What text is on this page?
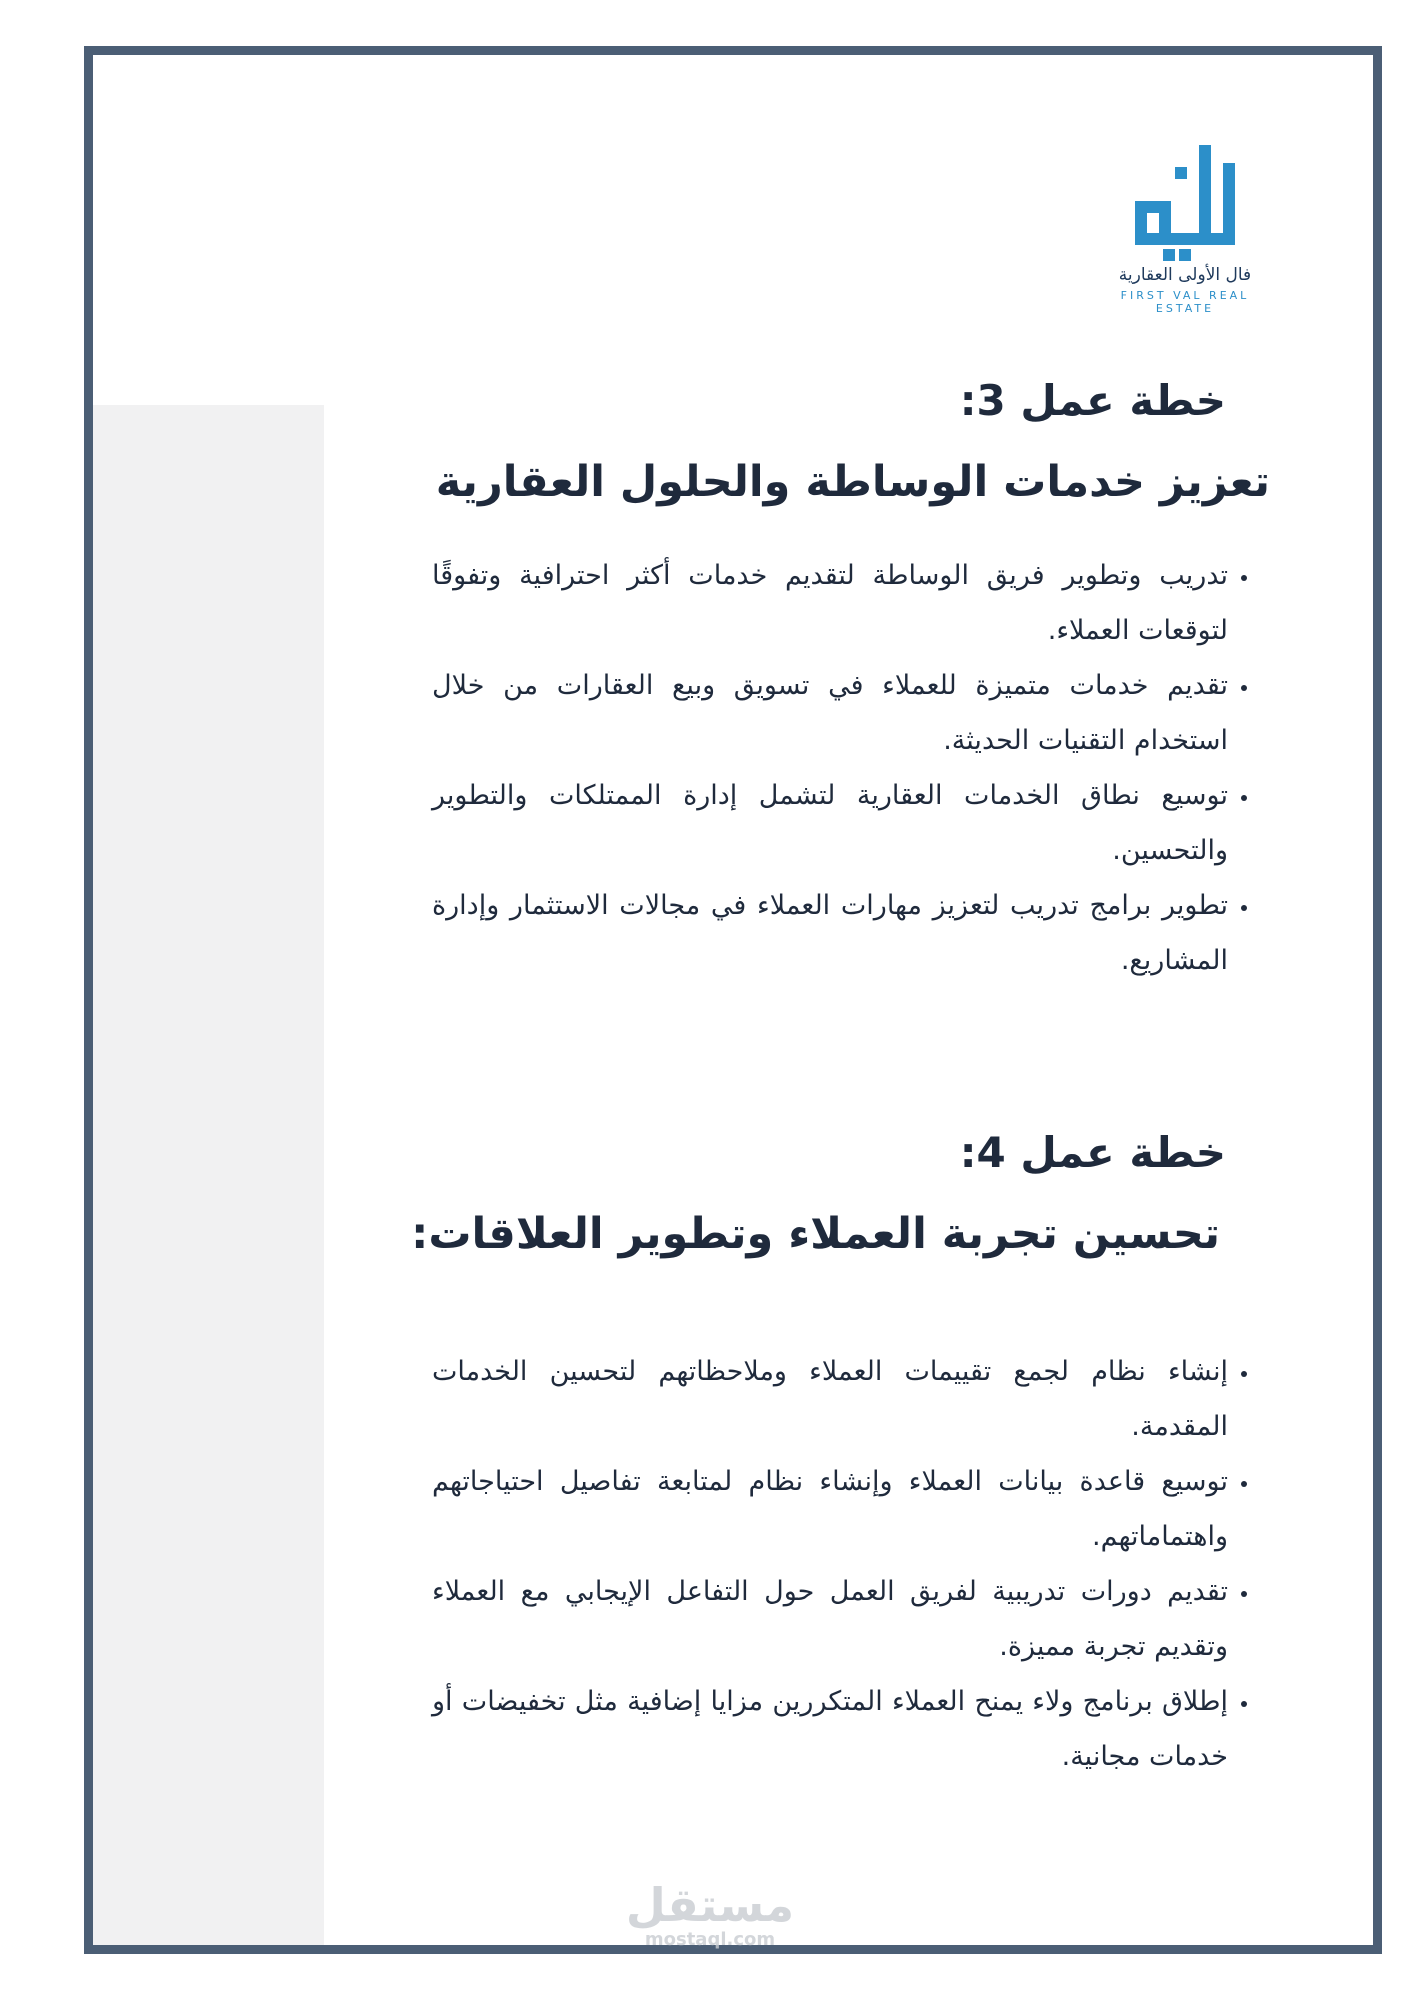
فال الأولى العقارية
FIRST VAL REAL ESTATE
خطة عمل 3:
تعزيز خدمات الوساطة والحلول العقارية
• تدريب وتطوير فريق الوساطة لتقديم خدمات أكثر احترافية وتفوقًا لتوقعات العملاء.
• تقديم خدمات متميزة للعملاء في تسويق وبيع العقارات من خلال استخدام التقنيات الحديثة.
• توسيع نطاق الخدمات العقارية لتشمل إدارة الممتلكات والتطوير والتحسين.
• تطوير برامج تدريب لتعزيز مهارات العملاء في مجالات الاستثمار وإدارة المشاريع.
خطة عمل 4:
تحسين تجربة العملاء وتطوير العلاقات:
• إنشاء نظام لجمع تقييمات العملاء وملاحظاتهم لتحسين الخدمات المقدمة.
• توسيع قاعدة بيانات العملاء وإنشاء نظام لمتابعة تفاصيل احتياجاتهم واهتماماتهم.
• تقديم دورات تدريبية لفريق العمل حول التفاعل الإيجابي مع العملاء وتقديم تجربة مميزة.
• إطلاق برنامج ولاء يمنح العملاء المتكررين مزايا إضافية مثل تخفيضات أو خدمات مجانية.
مستقل
mostaql.com
